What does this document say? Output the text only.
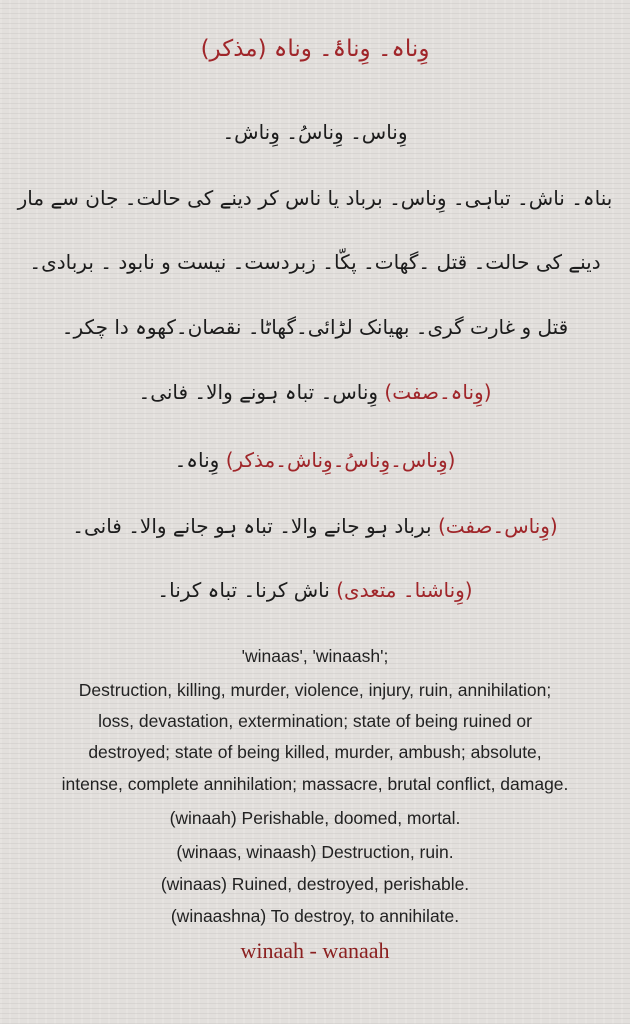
وِناہ۔ وِناۂ۔ وناہ (مذکر)
وِناس۔ وِناسُ۔ وِناش۔
بناہ۔ ناش۔ تباہی۔ وِناس۔ برباد یا ناس کر دینے کی حالت۔ جان سے مار
دینے کی حالت۔ قتل ۔گھات۔ پکّا۔ زبردست۔ نیست و نابود ۔ بربادی۔
قتل و غارت گری۔ بھیانک لڑائی۔گھاٹا۔ نقصان۔کھوہ دا چکر۔
(وِناہ۔صفت) وِناس۔ تباہ ہونے والا۔ فانی۔
(وِناس۔وِناسُ۔وِناش۔مذکر) وِناہ۔
(وِناس۔صفت) برباد ہو جانے والا۔ تباہ ہو جانے والا۔ فانی۔
(وِناشنا۔ متعدی) ناش کرنا۔ تباہ کرنا۔
'winaas', 'winaash';
Destruction, killing, murder, violence, injury, ruin, annihilation;
loss, devastation, extermination; state of being ruined or
destroyed; state of being killed, murder, ambush; absolute,
intense, complete annihilation; massacre, brutal conflict, damage.
(winaah) Perishable, doomed, mortal.
(winaas, winaash) Destruction, ruin.
(winaas) Ruined, destroyed, perishable.
(winaashna) To destroy, to annihilate.
winaah - wanaah
